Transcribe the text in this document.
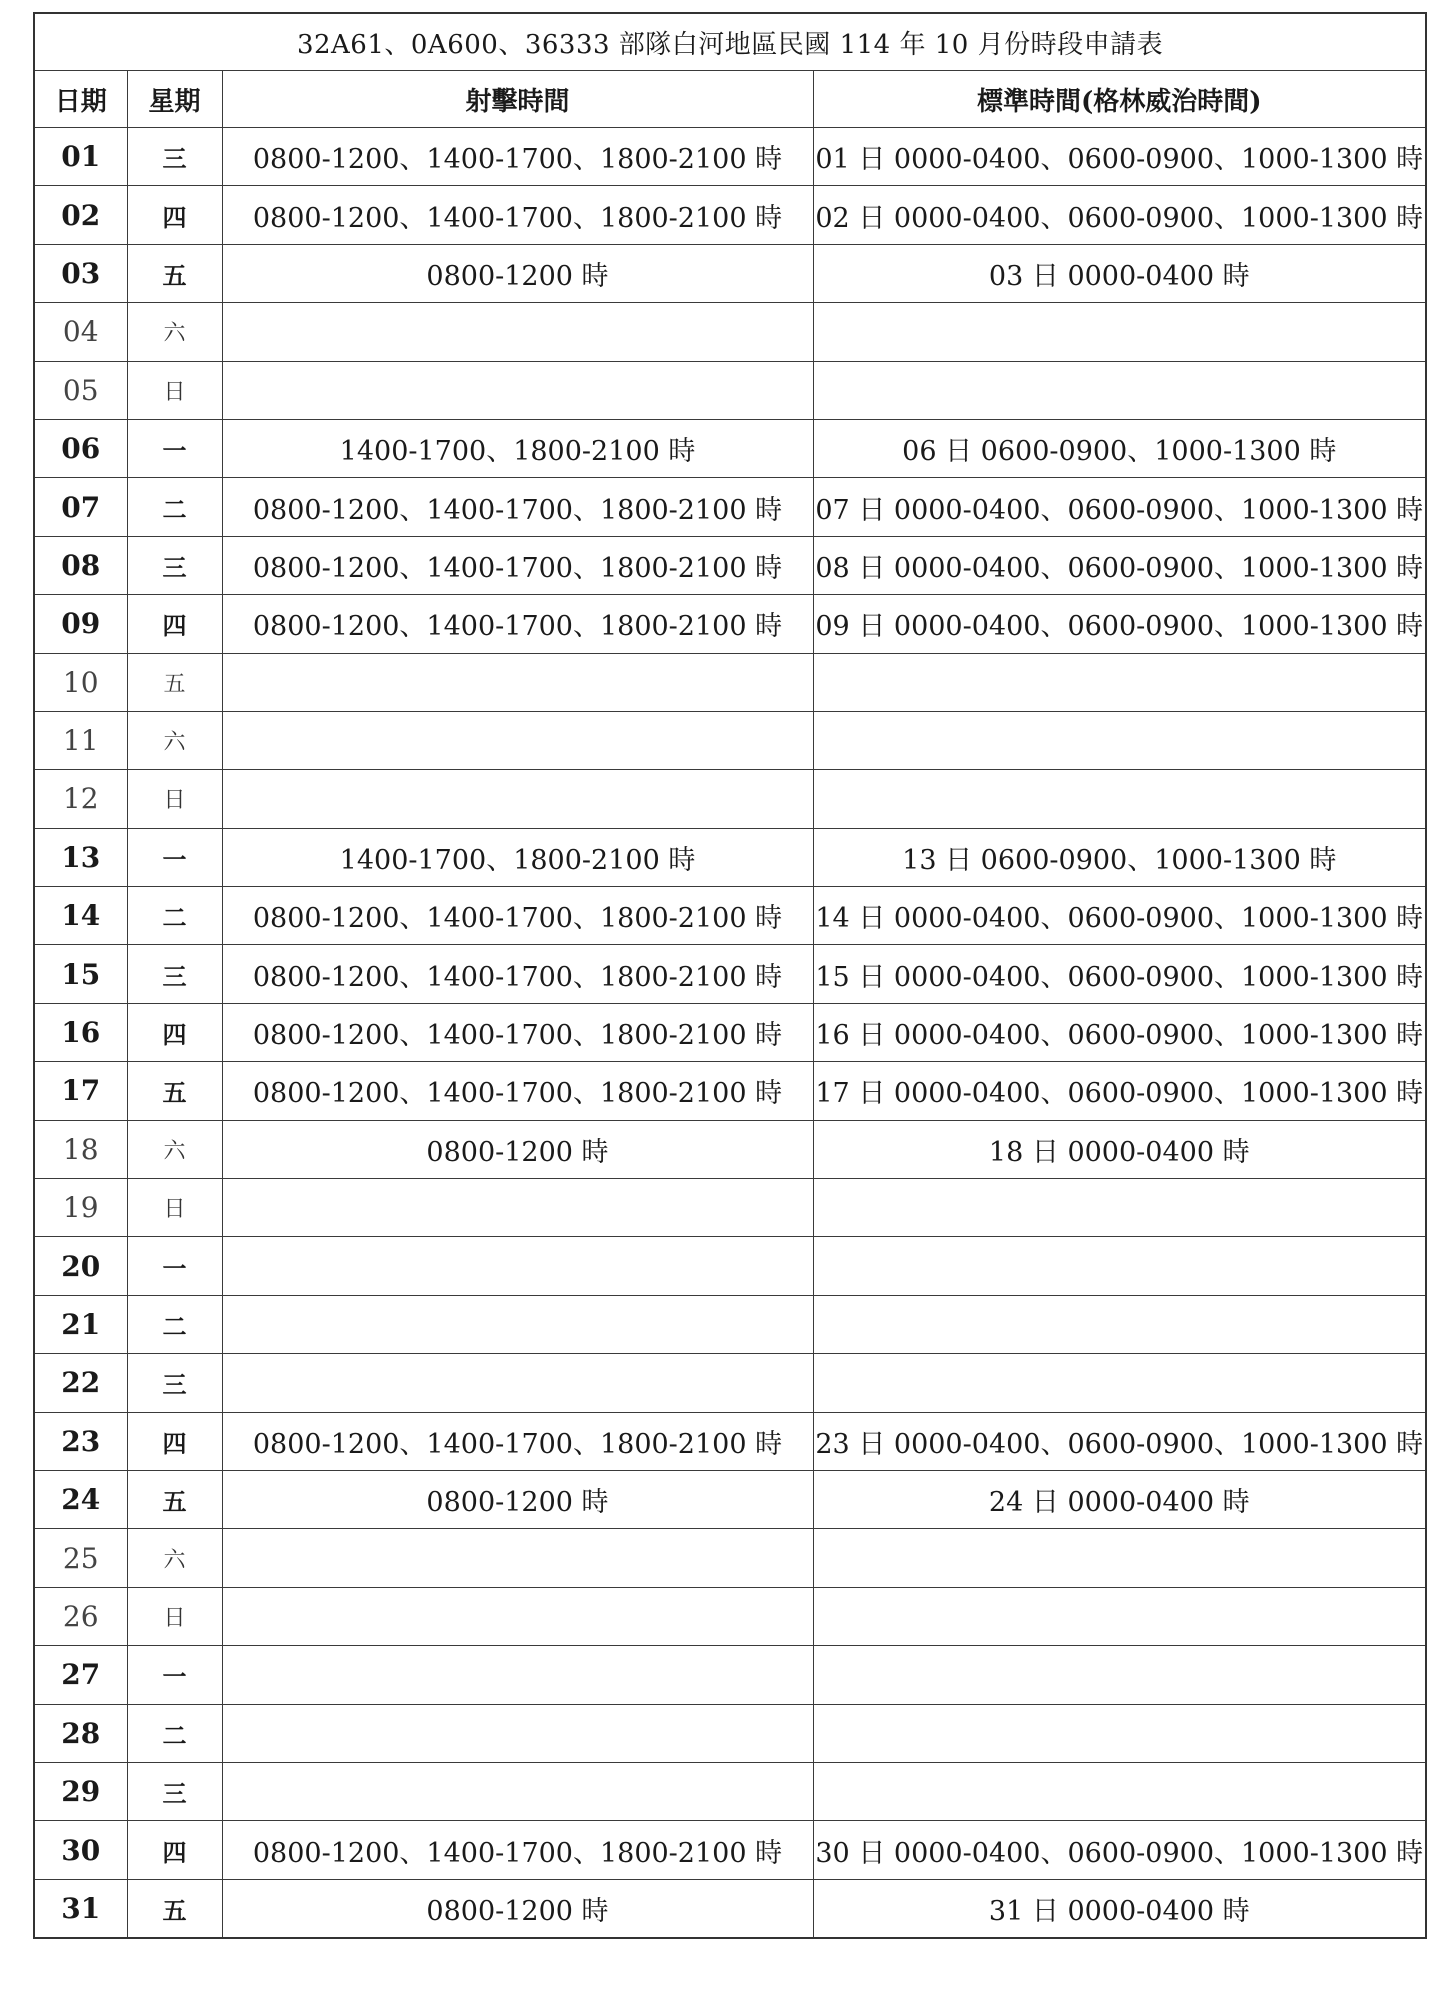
32A61、0A600、36333 部隊白河地區民國 114 年 10 月份時段申請表			
日期	星期	射擊時間	標準時間(格林威治時間)
01	三	0800-1200、1400-1700、1800-2100 時	01 日 0000-0400、0600-0900、1000-1300 時
02	四	0800-1200、1400-1700、1800-2100 時	02 日 0000-0400、0600-0900、1000-1300 時
03	五	0800-1200 時	03 日 0000-0400 時
04	六		
05	日		
06	一	1400-1700、1800-2100 時	06 日 0600-0900、1000-1300 時
07	二	0800-1200、1400-1700、1800-2100 時	07 日 0000-0400、0600-0900、1000-1300 時
08	三	0800-1200、1400-1700、1800-2100 時	08 日 0000-0400、0600-0900、1000-1300 時
09	四	0800-1200、1400-1700、1800-2100 時	09 日 0000-0400、0600-0900、1000-1300 時
10	五		
11	六		
12	日		
13	一	1400-1700、1800-2100 時	13 日 0600-0900、1000-1300 時
14	二	0800-1200、1400-1700、1800-2100 時	14 日 0000-0400、0600-0900、1000-1300 時
15	三	0800-1200、1400-1700、1800-2100 時	15 日 0000-0400、0600-0900、1000-1300 時
16	四	0800-1200、1400-1700、1800-2100 時	16 日 0000-0400、0600-0900、1000-1300 時
17	五	0800-1200、1400-1700、1800-2100 時	17 日 0000-0400、0600-0900、1000-1300 時
18	六	0800-1200 時	18 日 0000-0400 時
19	日		
20	一		
21	二		
22	三		
23	四	0800-1200、1400-1700、1800-2100 時	23 日 0000-0400、0600-0900、1000-1300 時
24	五	0800-1200 時	24 日 0000-0400 時
25	六		
26	日		
27	一		
28	二		
29	三		
30	四	0800-1200、1400-1700、1800-2100 時	30 日 0000-0400、0600-0900、1000-1300 時
31	五	0800-1200 時	31 日 0000-0400 時
